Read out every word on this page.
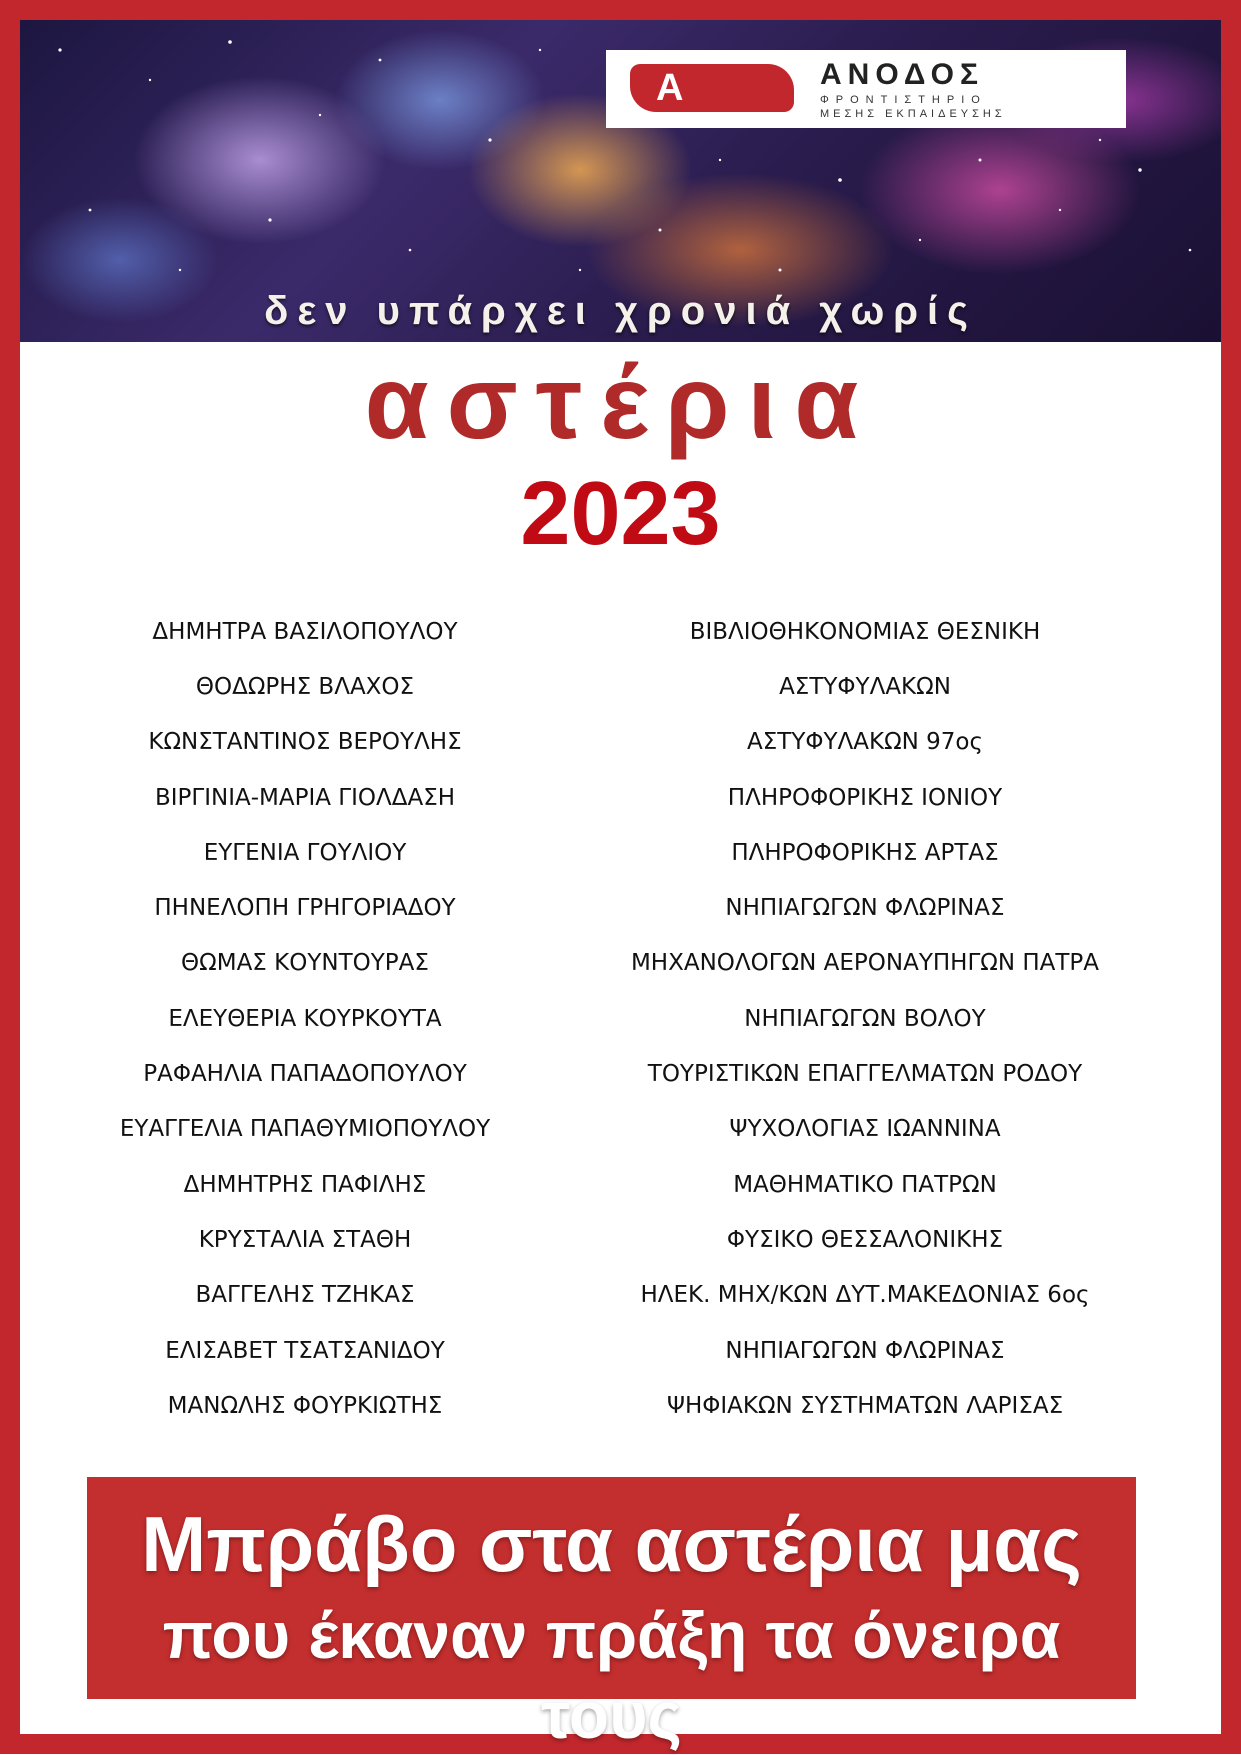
A	ΑΝΟΔΟΣ
ΦΡΟΝΤΙΣΤΗΡΙΟ
ΜΕΣΗΣ ΕΚΠΑΙΔΕΥΣΗΣ
δεν υπάρχει χρονιά χωρίς
αστέρια
2023
ΔΗΜΗΤΡΑ ΒΑΣΙΛΟΠΟΥΛΟΥ	ΒΙΒΛΙΟΘΗΚΟΝΟΜΙΑΣ ΘΕΣΝΙΚΗ
ΘΟΔΩΡΗΣ ΒΛΑΧΟΣ	ΑΣΤΥΦΥΛΑΚΩΝ
ΚΩΝΣΤΑΝΤΙΝΟΣ ΒΕΡΟΥΛΗΣ	ΑΣΤΥΦΥΛΑΚΩΝ 97ος
ΒΙΡΓΙΝΙΑ-ΜΑΡΙΑ ΓΙΟΛΔΑΣΗ	ΠΛΗΡΟΦΟΡΙΚΗΣ ΙΟΝΙΟΥ
ΕΥΓΕΝΙΑ ΓΟΥΛΙΟΥ	ΠΛΗΡΟΦΟΡΙΚΗΣ ΑΡΤΑΣ
ΠΗΝΕΛΟΠΗ ΓΡΗΓΟΡΙΑΔΟΥ	ΝΗΠΙΑΓΩΓΩΝ ΦΛΩΡΙΝΑΣ
ΘΩΜΑΣ ΚΟΥΝΤΟΥΡΑΣ	ΜΗΧΑΝΟΛΟΓΩΝ ΑΕΡΟΝΑΥΠΗΓΩΝ ΠΑΤΡΑ
ΕΛΕΥΘΕΡΙΑ ΚΟΥΡΚΟΥΤΑ	ΝΗΠΙΑΓΩΓΩΝ ΒΟΛΟΥ
ΡΑΦΑΗΛΙΑ ΠΑΠΑΔΟΠΟΥΛΟΥ	ΤΟΥΡΙΣΤΙΚΩΝ ΕΠΑΓΓΕΛΜΑΤΩΝ ΡΟΔΟΥ
ΕΥΑΓΓΕΛΙΑ ΠΑΠΑΘΥΜΙΟΠΟΥΛΟΥ	ΨΥΧΟΛΟΓΙΑΣ ΙΩΑΝΝΙΝΑ
ΔΗΜΗΤΡΗΣ ΠΑΦΙΛΗΣ	ΜΑΘΗΜΑΤΙΚΟ ΠΑΤΡΩΝ
ΚΡΥΣΤΑΛΙΑ ΣΤΑΘΗ	ΦΥΣΙΚΟ ΘΕΣΣΑΛΟΝΙΚΗΣ
ΒΑΓΓΕΛΗΣ ΤΖΗΚΑΣ	ΗΛΕΚ. ΜΗΧ/ΚΩΝ ΔΥΤ.ΜΑΚΕΔΟΝΙΑΣ 6ος
ΕΛΙΣΑΒΕΤ ΤΣΑΤΣΑΝΙΔΟΥ	ΝΗΠΙΑΓΩΓΩΝ ΦΛΩΡΙΝΑΣ
ΜΑΝΩΛΗΣ ΦΟΥΡΚΙΩΤΗΣ	ΨΗΦΙΑΚΩΝ ΣΥΣΤΗΜΑΤΩΝ ΛΑΡΙΣΑΣ
Μπράβο στα αστέρια μας
που έκαναν πράξη τα όνειρα τους
